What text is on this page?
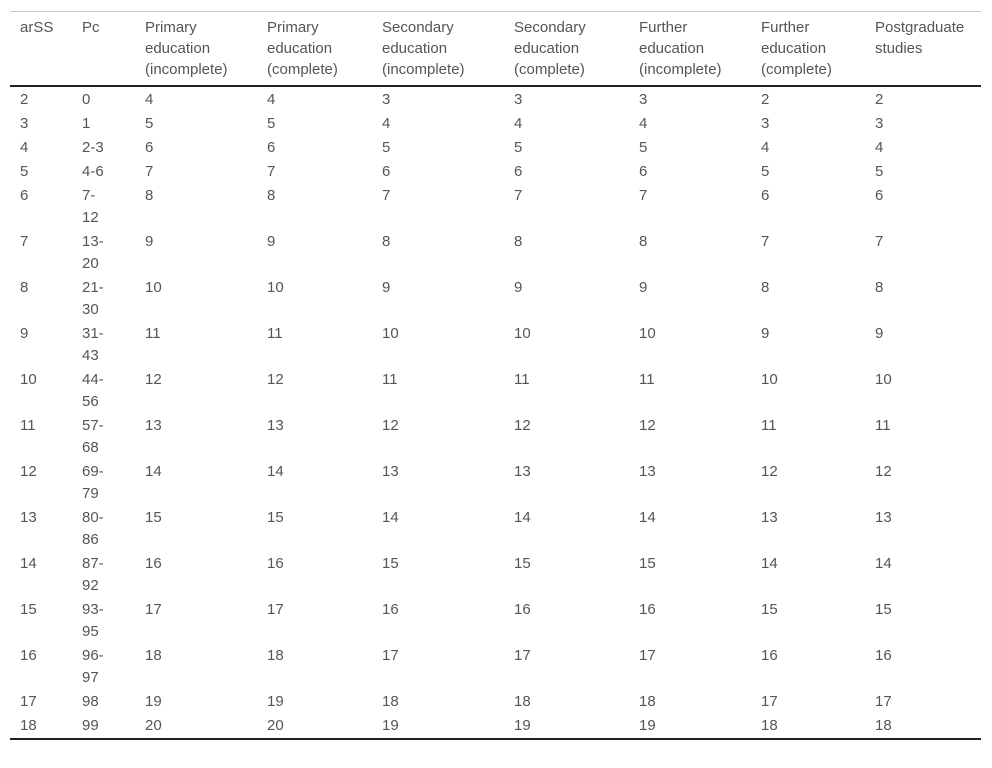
arSS	Pc	Primary education (incomplete)	Primary education (complete)	Secondary education (incomplete)	Secondary education (complete)	Further education (incomplete)	Further education (complete)	Postgraduate studies
2	0	4	4	3	3	3	2	2
3	1	5	5	4	4	4	3	3
4	2-3	6	6	5	5	5	4	4
5	4-6	7	7	6	6	6	5	5
6	7-12	8	8	7	7	7	6	6
7	13-20	9	9	8	8	8	7	7
8	21-30	10	10	9	9	9	8	8
9	31-43	11	11	10	10	10	9	9
10	44-56	12	12	11	11	11	10	10
11	57-68	13	13	12	12	12	11	11
12	69-79	14	14	13	13	13	12	12
13	80-86	15	15	14	14	14	13	13
14	87-92	16	16	15	15	15	14	14
15	93-95	17	17	16	16	16	15	15
16	96-97	18	18	17	17	17	16	16
17	98	19	19	18	18	18	17	17
18	99	20	20	19	19	19	18	18
